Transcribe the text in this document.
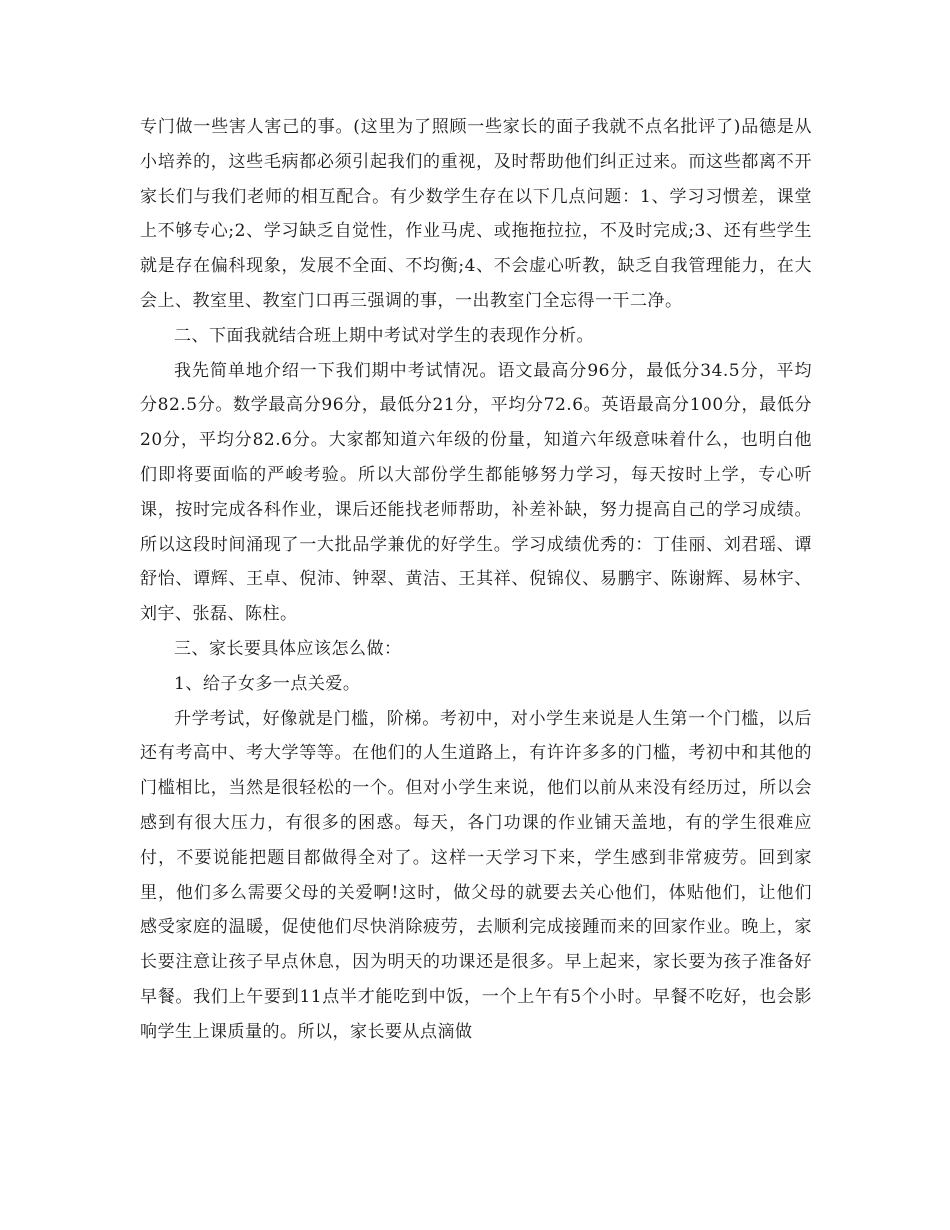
专门做一些害人害己的事。(这里为了照顾一些家长的面子我就不点名批评了)品德是从小培养的，这些毛病都必须引起我们的重视，及时帮助他们纠正过来。而这些都离不开家长们与我们老师的相互配合。有少数学生存在以下几点问题：1、学习习惯差，课堂上不够专心;2、学习缺乏自觉性，作业马虎、或拖拖拉拉，不及时完成;3、还有些学生就是存在偏科现象，发展不全面、不均衡;4、不会虚心听教，缺乏自我管理能力，在大会上、教室里、教室门口再三强调的事，一出教室门全忘得一干二净。

二、下面我就结合班上期中考试对学生的表现作分析。

我先简单地介绍一下我们期中考试情况。语文最高分96分，最低分34.5分，平均分82.5分。数学最高分96分，最低分21分，平均分72.6。英语最高分100分，最低分20分，平均分82.6分。大家都知道六年级的份量，知道六年级意味着什么，也明白他们即将要面临的严峻考验。所以大部份学生都能够努力学习，每天按时上学，专心听课，按时完成各科作业，课后还能找老师帮助，补差补缺，努力提高自己的学习成绩。所以这段时间涌现了一大批品学兼优的好学生。学习成绩优秀的：丁佳丽、刘君瑶、谭舒怡、谭辉、王卓、倪沛、钟翠、黄洁、王其祥、倪锦仪、易鹏宇、陈谢辉、易林宇、刘宇、张磊、陈柱。

三、家长要具体应该怎么做：

1、给子女多一点关爱。

升学考试，好像就是门槛，阶梯。考初中，对小学生来说是人生第一个门槛，以后还有考高中、考大学等等。在他们的人生道路上，有许许多多的门槛，考初中和其他的门槛相比，当然是很轻松的一个。但对小学生来说，他们以前从来没有经历过，所以会感到有很大压力，有很多的困惑。每天，各门功课的作业铺天盖地，有的学生很难应付，不要说能把题目都做得全对了。这样一天学习下来，学生感到非常疲劳。回到家里，他们多么需要父母的关爱啊!这时，做父母的就要去关心他们，体贴他们，让他们感受家庭的温暖，促使他们尽快消除疲劳，去顺利完成接踵而来的回家作业。晚上，家长要注意让孩子早点休息，因为明天的功课还是很多。早上起来，家长要为孩子准备好早餐。我们上午要到11点半才能吃到中饭，一个上午有5个小时。早餐不吃好，也会影响学生上课质量的。所以，家长要从点滴做
